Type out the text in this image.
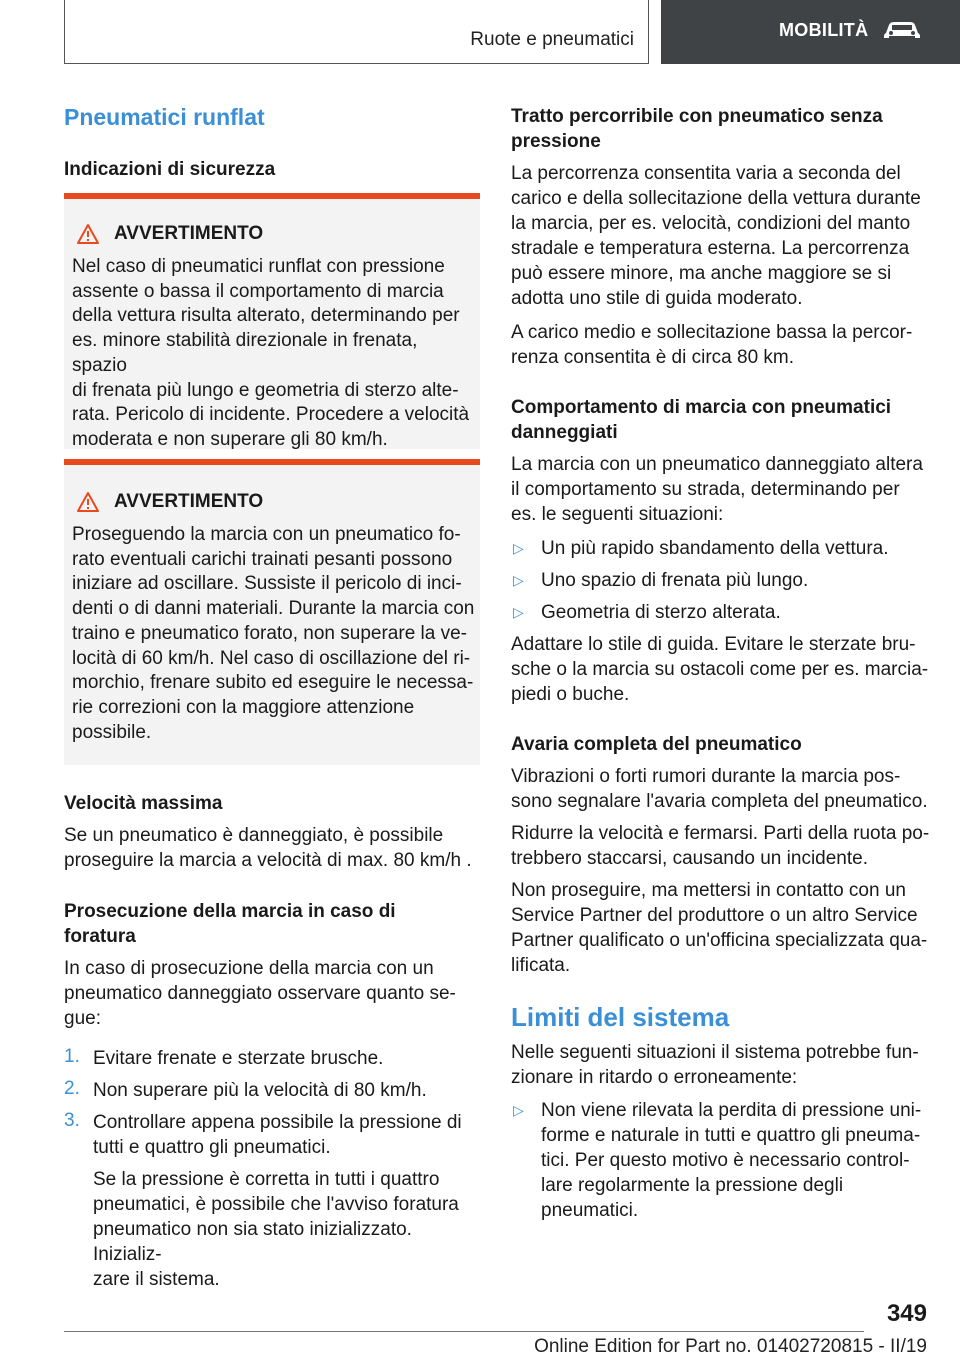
Ruote e pneumatici	MOBILITÀ
Pneumatici runflat
Indicazioni di sicurezza
AVVERTIMENTO
Nel caso di pneumatici runflat con pressione
assente o bassa il comportamento di marcia
della vettura risulta alterato, determinando per
es. minore stabilità direzionale in frenata, spazio
di frenata più lungo e geometria di sterzo alte-
rata. Pericolo di incidente. Procedere a velocità
moderata e non superare gli 80 km/h.
AVVERTIMENTO
Proseguendo la marcia con un pneumatico fo-
rato eventuali carichi trainati pesanti possono
iniziare ad oscillare. Sussiste il pericolo di inci-
denti o di danni materiali. Durante la marcia con
traino e pneumatico forato, non superare la ve-
locità di 60 km/h. Nel caso di oscillazione del ri-
morchio, frenare subito ed eseguire le necessa-
rie correzioni con la maggiore attenzione
possibile.
Velocità massima
Se un pneumatico è danneggiato, è possibile
proseguire la marcia a velocità di max. 80 km/h .
Prosecuzione della marcia in caso di
foratura
In caso di prosecuzione della marcia con un
pneumatico danneggiato osservare quanto se-
gue:
1. Evitare frenate e sterzate brusche.
2. Non superare più la velocità di 80 km/h.
3. Controllare appena possibile la pressione di
tutti e quattro gli pneumatici.
Se la pressione è corretta in tutti i quattro
pneumatici, è possibile che l'avviso foratura
pneumatico non sia stato inizializzato. Inizializ-
zare il sistema.
Tratto percorribile con pneumatico senza
pressione
La percorrenza consentita varia a seconda del
carico e della sollecitazione della vettura durante
la marcia, per es. velocità, condizioni del manto
stradale e temperatura esterna. La percorrenza
può essere minore, ma anche maggiore se si
adotta uno stile di guida moderato.
A carico medio e sollecitazione bassa la percor-
renza consentita è di circa 80 km.
Comportamento di marcia con pneumatici
danneggiati
La marcia con un pneumatico danneggiato altera
il comportamento su strada, determinando per
es. le seguenti situazioni:
▷ Un più rapido sbandamento della vettura.
▷ Uno spazio di frenata più lungo.
▷ Geometria di sterzo alterata.
Adattare lo stile di guida. Evitare le sterzate bru-
sche o la marcia su ostacoli come per es. marcia-
piedi o buche.
Avaria completa del pneumatico
Vibrazioni o forti rumori durante la marcia pos-
sono segnalare l'avaria completa del pneumatico.
Ridurre la velocità e fermarsi. Parti della ruota po-
trebbero staccarsi, causando un incidente.
Non proseguire, ma mettersi in contatto con un
Service Partner del produttore o un altro Service
Partner qualificato o un'officina specializzata qua-
lificata.
Limiti del sistema
Nelle seguenti situazioni il sistema potrebbe fun-
zionare in ritardo o erroneamente:
▷ Non viene rilevata la perdita di pressione uni-
forme e naturale in tutti e quattro gli pneuma-
tici. Per questo motivo è necessario control-
lare regolarmente la pressione degli
pneumatici.
349
Online Edition for Part no. 01402720815 - II/19
